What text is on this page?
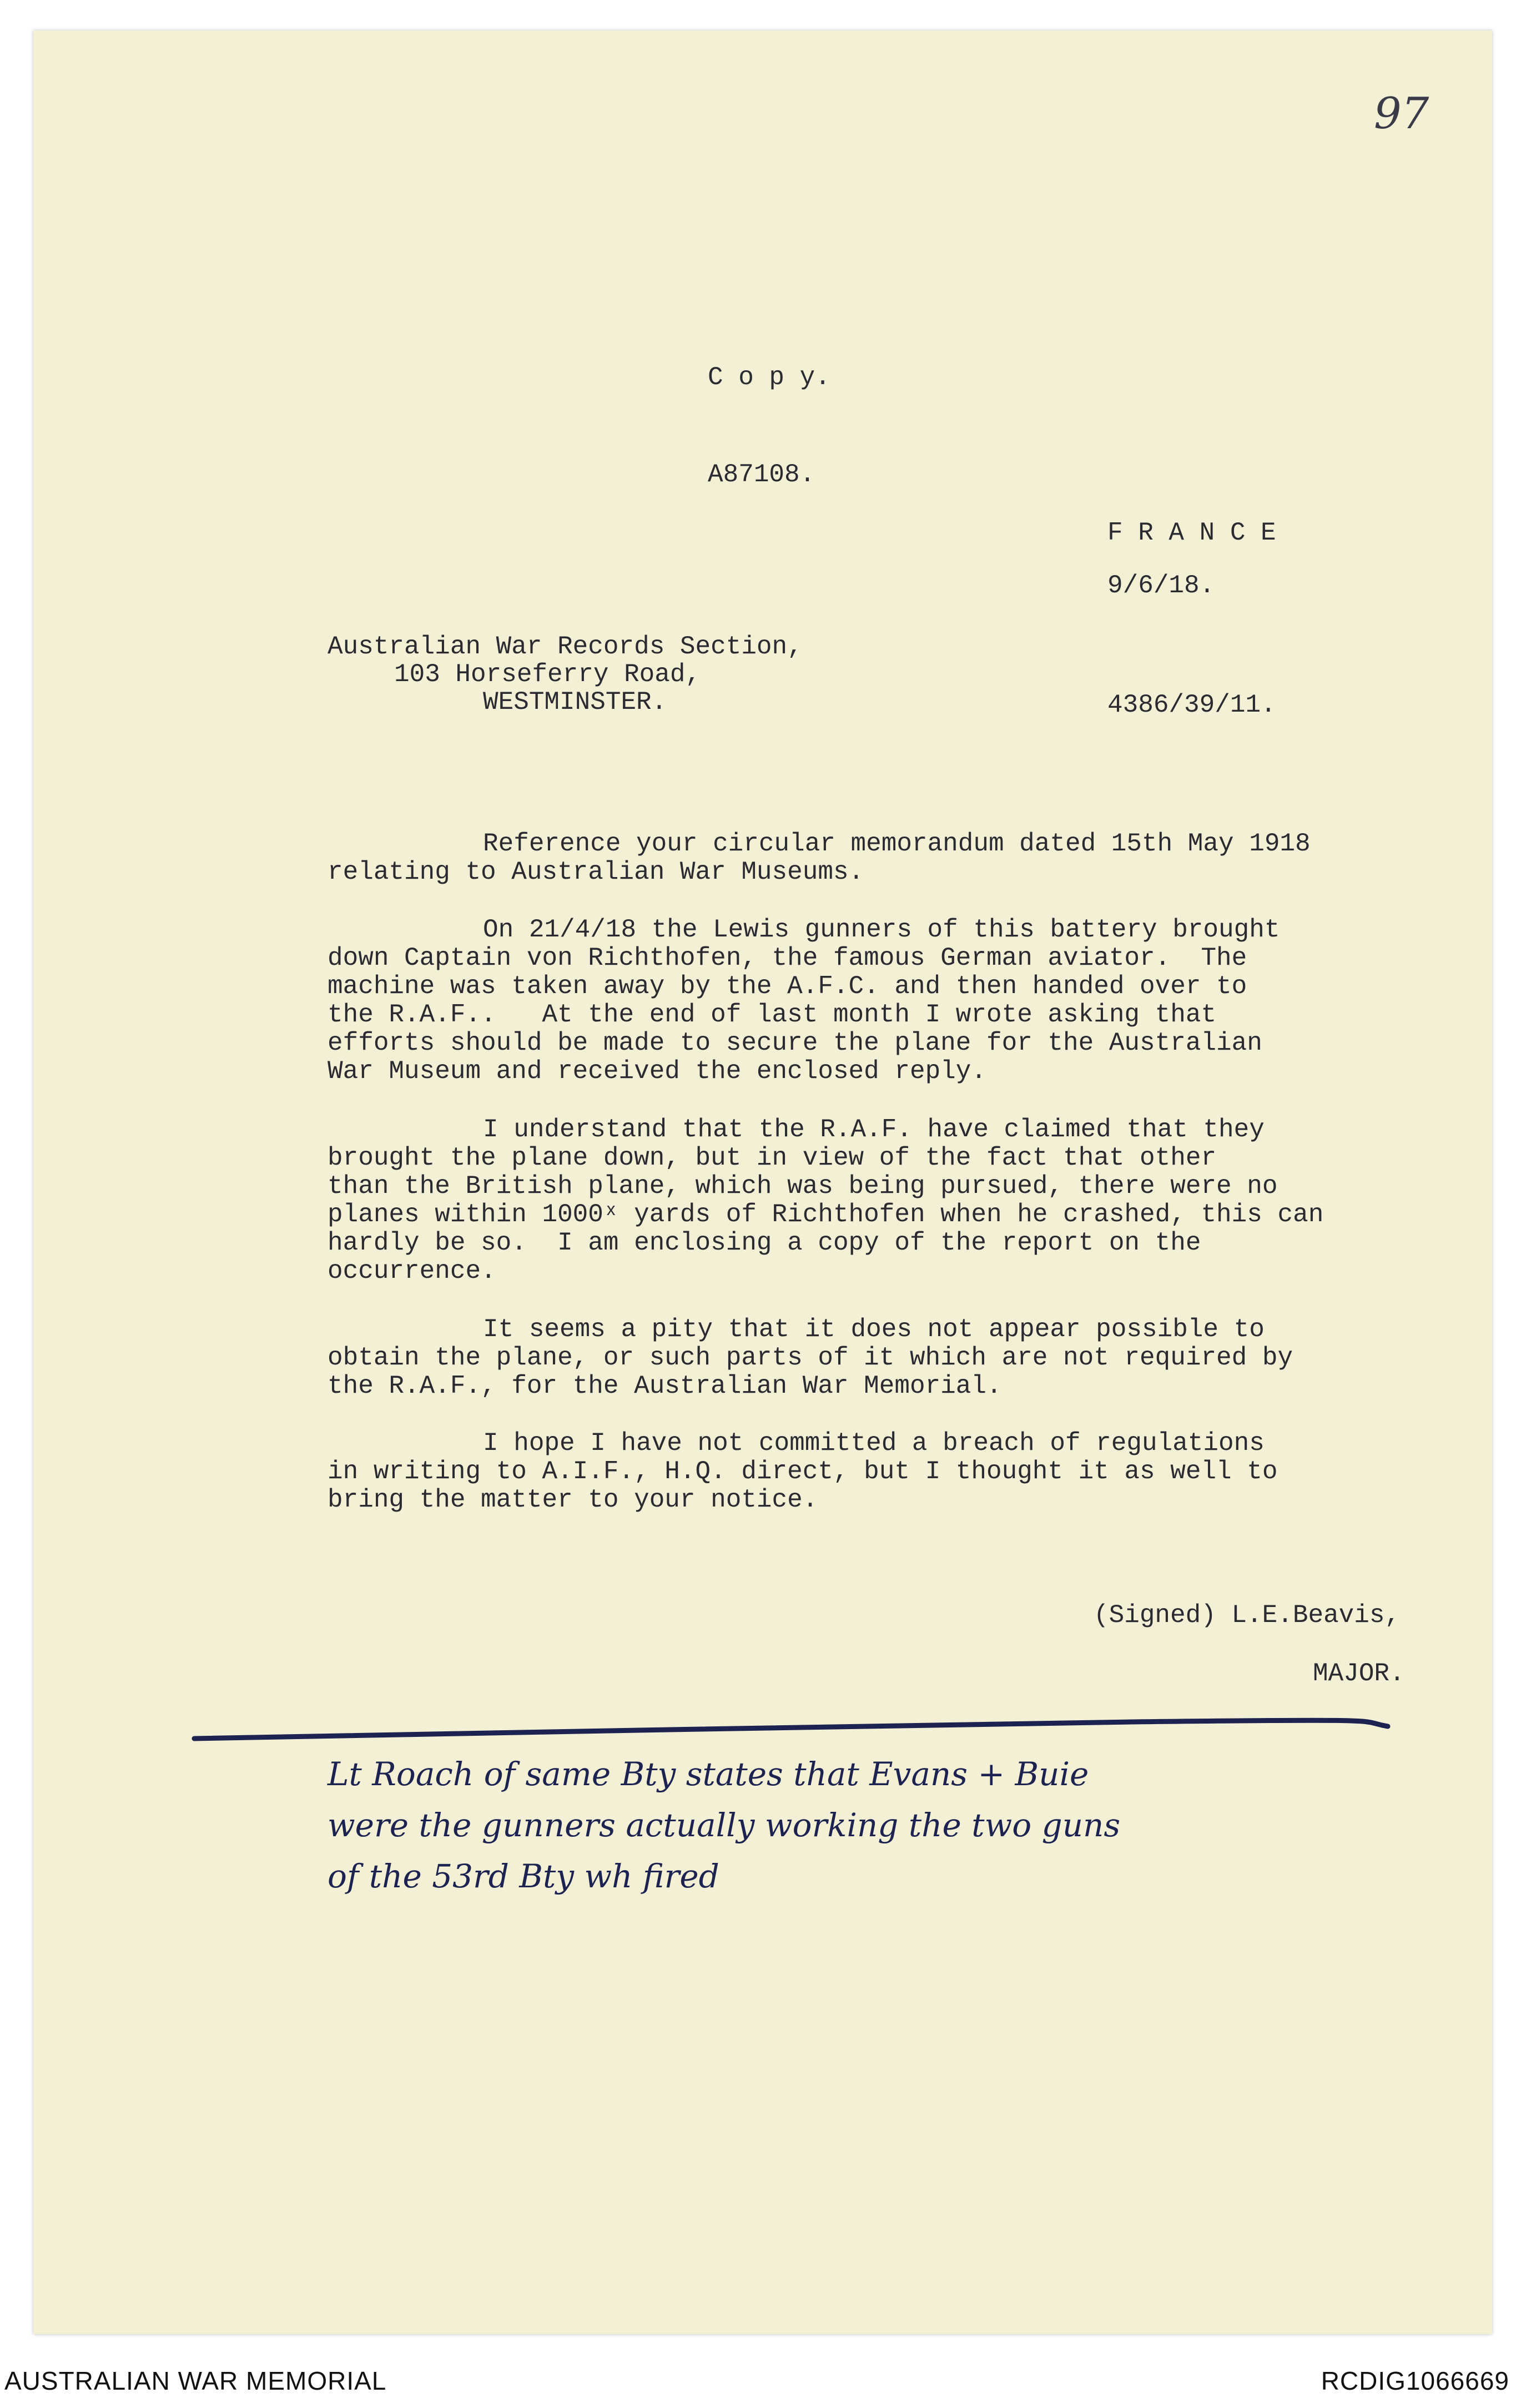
97
C o p y.
A87108.
F R A N C E
9/6/18.
Australian War Records Section,
103 Horseferry Road,
WESTMINSTER.	4386/39/11.

Reference your circular memorandum dated 15th May 1918

relating to Australian War Museums.

On 21/4/18 the Lewis gunners of this battery brought

down Captain von Richthofen, the famous German aviator.  The

machine was taken away by the A.F.C. and then handed over to

the R.A.F..   At the end of last month I wrote asking that

efforts should be made to secure the plane for the Australian

War Museum and received the enclosed reply.

I understand that the R.A.F. have claimed that they

brought the plane down, but in view of the fact that other

than the British plane, which was being pursued, there were no

planes within 1000ˣ yards of Richthofen when he crashed, this can

hardly be so.  I am enclosing a copy of the report on the

occurrence.

It seems a pity that it does not appear possible to

obtain the plane, or such parts of it which are not required by

the R.A.F., for the Australian War Memorial.

I hope I have not committed a breach of regulations

in writing to A.I.F., H.Q. direct, but I thought it as well to

bring the matter to your notice.

(Signed) L.E.Beavis,
MAJOR.

Lt Roach of same Bty states that Evans + Buie

were the gunners actually working the two guns

of the 53rd Bty wh fired

AUSTRALIAN WAR MEMORIAL	RCDIG1066669
